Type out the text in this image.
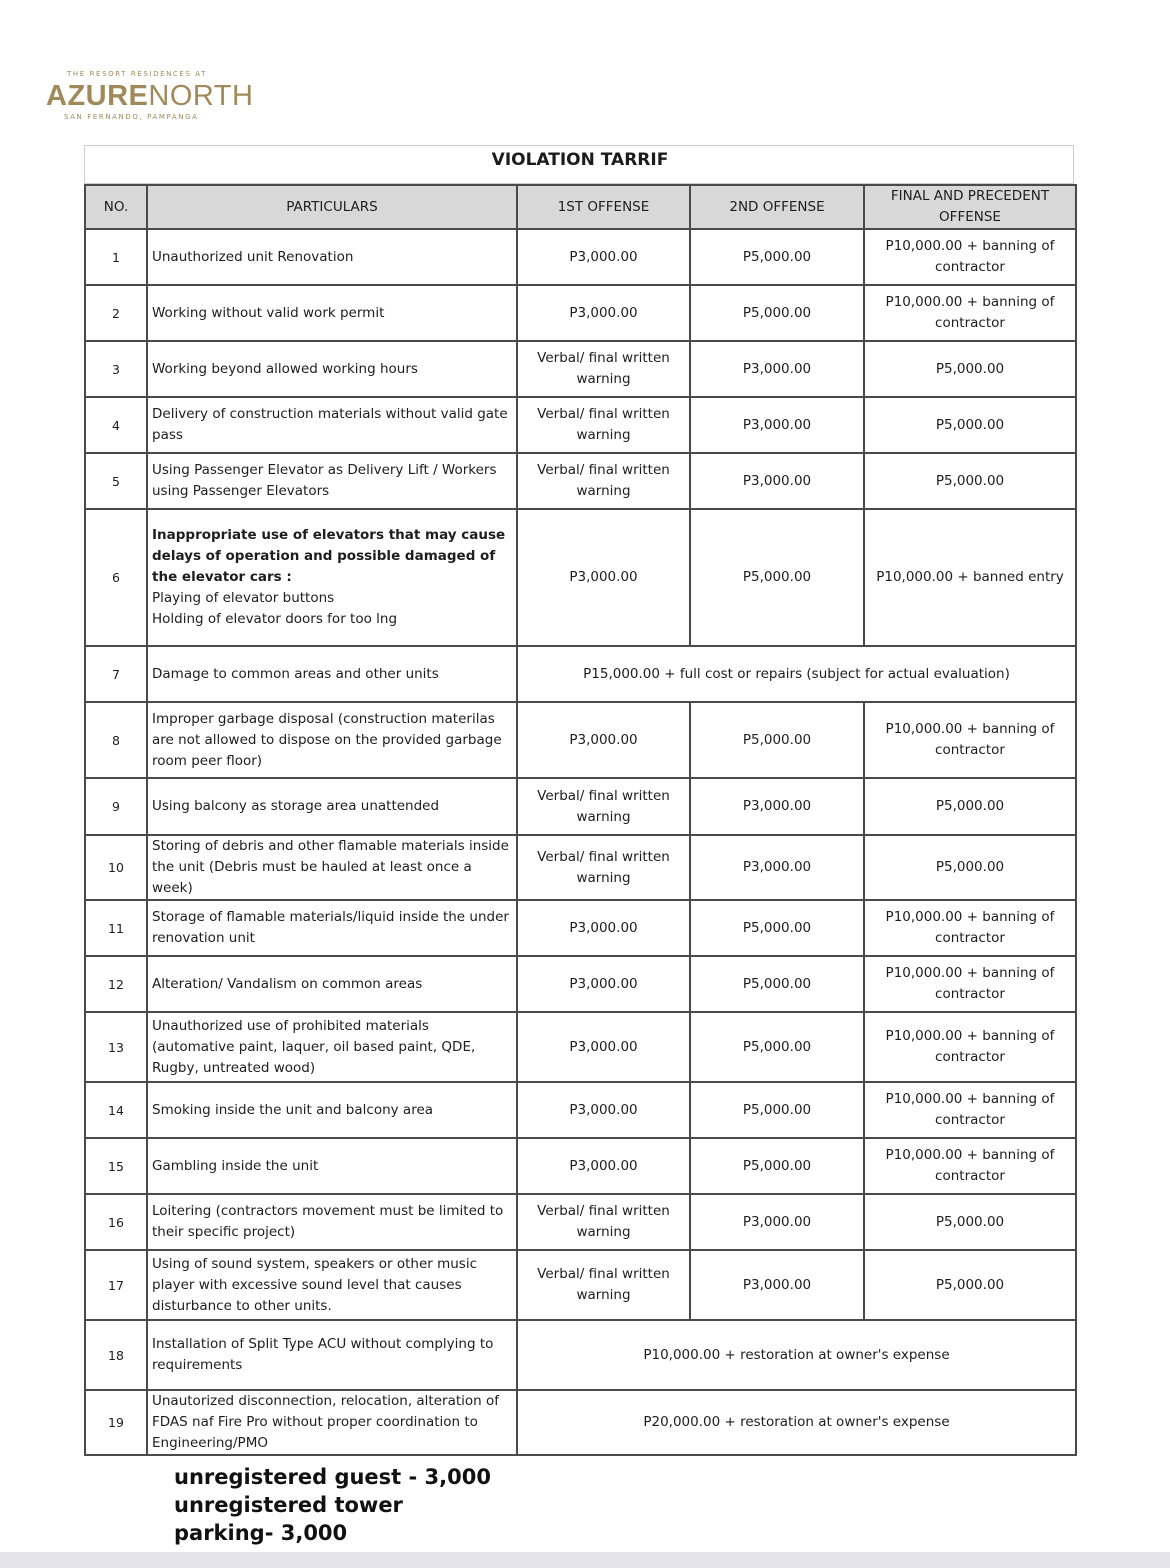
THE RESORT RESIDENCES AT
AZURENORTH
SAN FERNANDO, PAMPANGA
VIOLATION TARRIF
NO.	PARTICULARS	1ST OFFENSE	2ND OFFENSE	FINAL AND PRECEDENT OFFENSE
1	Unauthorized unit Renovation	P3,000.00	P5,000.00	P10,000.00 + banning of contractor
2	Working without valid work permit	P3,000.00	P5,000.00	P10,000.00 + banning of contractor
3	Working beyond allowed working hours	Verbal/ final written warning	P3,000.00	P5,000.00
4	Delivery of construction materials without valid gate pass	Verbal/ final written warning	P3,000.00	P5,000.00
5	Using Passenger Elevator as Delivery Lift / Workers using Passenger Elevators	Verbal/ final written warning	P3,000.00	P5,000.00
6	Inappropriate use of elevators that may cause delays of operation and possible damaged of the elevator cars :
Playing of elevator buttons
Holding of elevator doors for too lng	P3,000.00	P5,000.00	P10,000.00 + banned entry
7	Damage to common areas and other units	P15,000.00 + full cost or repairs (subject for actual evaluation)		
8	Improper garbage disposal (construction materilas are not allowed to dispose on the provided garbage room peer floor)	P3,000.00	P5,000.00	P10,000.00 + banning of contractor
9	Using balcony as storage area unattended	Verbal/ final written warning	P3,000.00	P5,000.00
10	Storing of debris and other flamable materials inside the unit (Debris must be hauled at least once a week)	Verbal/ final written warning	P3,000.00	P5,000.00
11	Storage of flamable materials/liquid inside the under renovation unit	P3,000.00	P5,000.00	P10,000.00 + banning of contractor
12	Alteration/ Vandalism on common areas	P3,000.00	P5,000.00	P10,000.00 + banning of contractor
13	Unauthorized use of prohibited materials (automative paint, laquer, oil based paint, QDE, Rugby, untreated wood)	P3,000.00	P5,000.00	P10,000.00 + banning of contractor
14	Smoking inside the unit and balcony area	P3,000.00	P5,000.00	P10,000.00 + banning of contractor
15	Gambling inside the unit	P3,000.00	P5,000.00	P10,000.00 + banning of contractor
16	Loitering (contractors movement must be limited to their specific project)	Verbal/ final written warning	P3,000.00	P5,000.00
17	Using of sound system, speakers or other music player with excessive sound level that causes disturbance to other units.	Verbal/ final written warning	P3,000.00	P5,000.00
18	Installation of Split Type ACU without complying to requirements	P10,000.00 + restoration at owner's expense		
19	Unautorized disconnection, relocation, alteration of FDAS naf Fire Pro without proper coordination to Engineering/PMO	P20,000.00 + restoration at owner's expense		
unregistered guest - 3,000
unregistered tower
parking- 3,000
